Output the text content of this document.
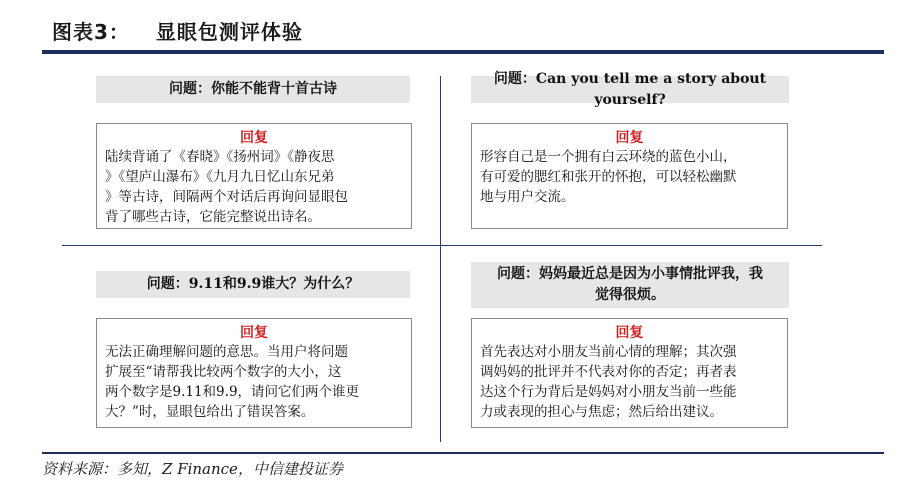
图表3： 显眼包测评体验
问题：你能不能背十首古诗
回复
陆续背诵了《春晓》《扬州词》《静夜思
》《望庐山瀑布》《九月九日忆山东兄弟
》等古诗，间隔两个对话后再询问显眼包
背了哪些古诗，它能完整说出诗名。
问题：Can you tell me a story about yourself?
回复
形容自己是一个拥有白云环绕的蓝色小山，
有可爱的腮红和张开的怀抱，可以轻松幽默
地与用户交流。
问题：9.11和9.9谁大？为什么？
回复
无法正确理解问题的意思。当用户将问题
扩展至“请帮我比较两个数字的大小，这
两个数字是9.11和9.9，请问它们两个谁更
大？”时，显眼包给出了错误答案。
问题：妈妈最近总是因为小事情批评我，我
觉得很烦。
回复
首先表达对小朋友当前心情的理解；其次强
调妈妈的批评并不代表对你的否定；再者表
达这个行为背后是妈妈对小朋友当前一些能
力或表现的担心与焦虑；然后给出建议。
资料来源：多知，Z Finance，中信建投证券
